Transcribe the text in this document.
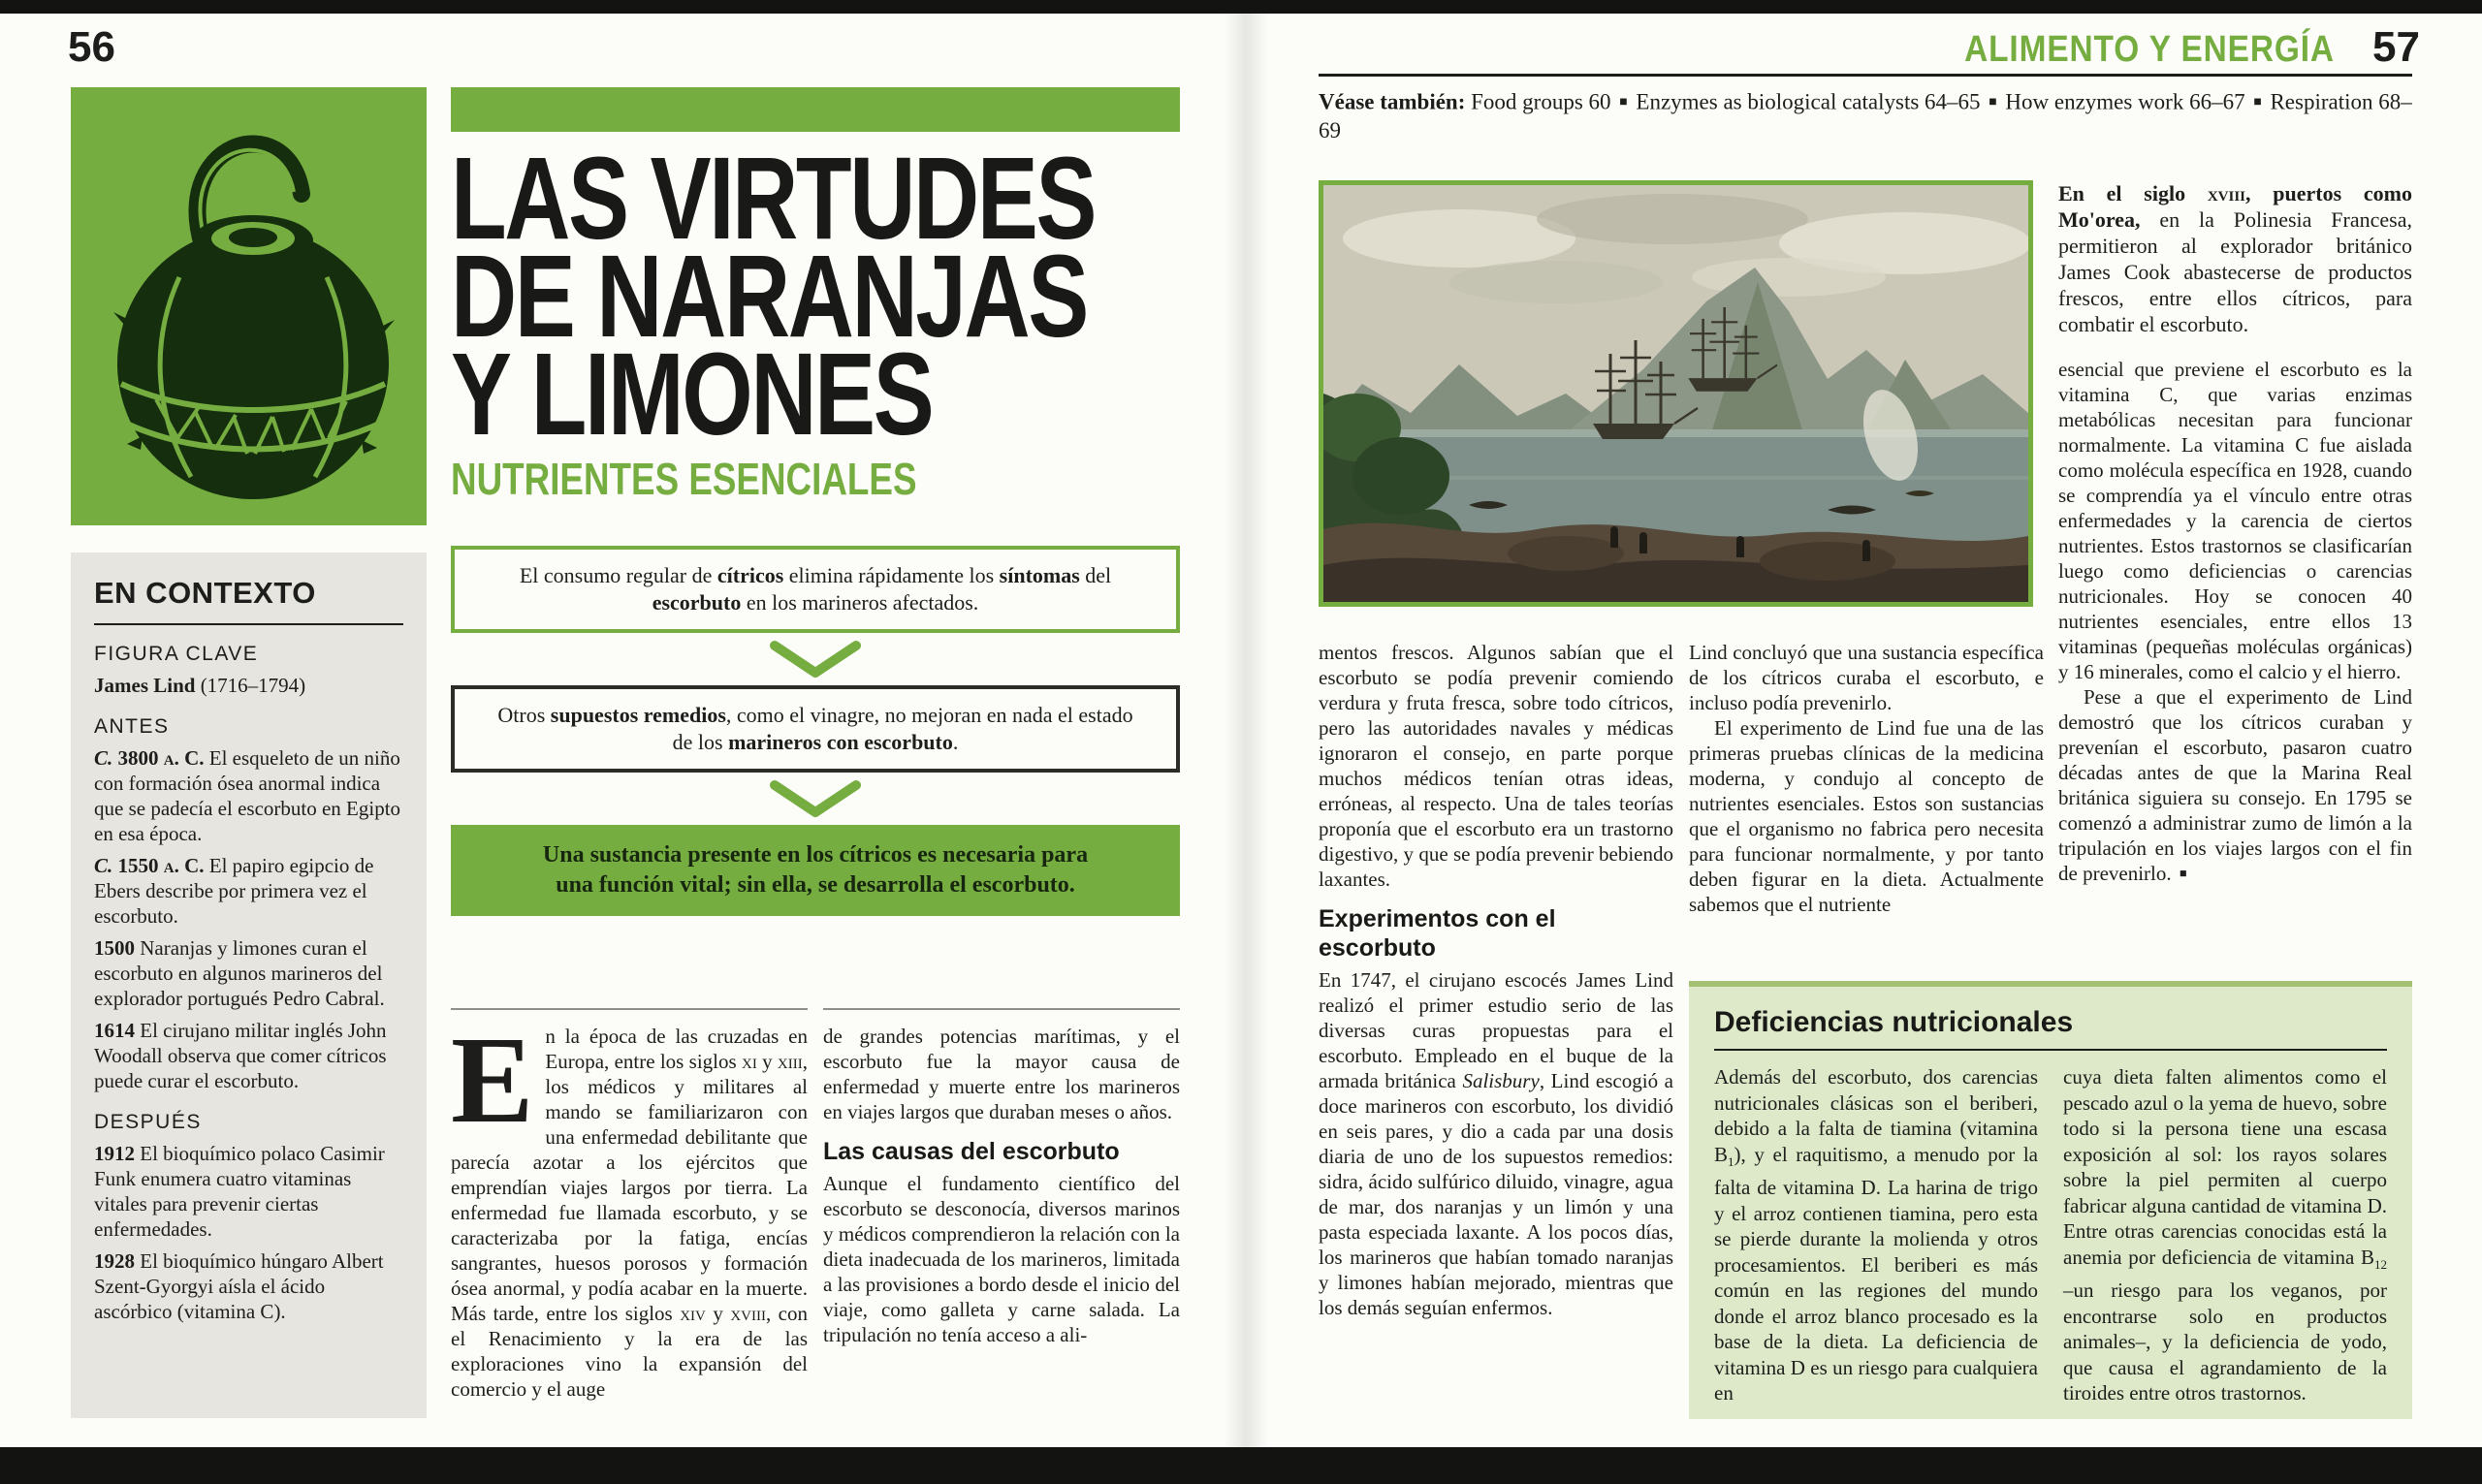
56
LAS VIRTUDES
DE NARANJAS
Y LIMONES
NUTRIENTES ESENCIALES
EN CONTEXTO
FIGURA CLAVE

James Lind (1716–1794)

ANTES

C. 3800 a. C. El esqueleto de un niño con formación ósea anormal indica que se padecía el escorbuto en Egipto en esa época.

C. 1550 a. C. El papiro egipcio de Ebers describe por primera vez el escorbuto.

1500 Naranjas y limones curan el escorbuto en algunos marineros del explorador portugués Pedro Cabral.

1614 El cirujano militar inglés John Woodall observa que comer cítricos puede curar el escorbuto.

DESPUÉS

1912 El bioquímico polaco Casimir Funk enumera cuatro vitaminas vitales para prevenir ciertas enfermedades.

1928 El bioquímico húngaro Albert Szent-Gyorgyi aísla el ácido ascórbico (vitamina C).

El consumo regular de cítricos elimina rápidamente los síntomas del escorbuto en los marineros afectados.
Otros supuestos remedios, como el vinagre, no mejoran en nada el estado de los marineros con escorbuto.
Una sustancia presente en los cítricos es necesaria para una función vital; sin ella, se desarrolla el escorbuto.

En la época de las cruzadas en Europa, entre los siglos xi y xiii, los médicos y militares al mando se familiarizaron con una enfermedad debilitante que parecía azotar a los ejércitos que emprendían viajes largos por tierra. La enfermedad fue llamada escorbuto, y se caracterizaba por la fatiga, encías sangrantes, huesos porosos y formación ósea anormal, y podía acabar en la muerte. Más tarde, entre los siglos xiv y xviii, con el Renacimiento y la era de las exploraciones vino la expansión del comercio y el auge

de grandes potencias marítimas, y el escorbuto fue la mayor causa de enfermedad y muerte entre los marineros en viajes largos que duraban meses o años.

Las causas del escorbuto

Aunque el fundamento científico del escorbuto se desconocía, diversos marinos y médicos comprendieron la relación con la dieta inadecuada de los marineros, limitada a las provisiones a bordo desde el inicio del viaje, como galleta y carne salada. La tripulación no tenía acceso a ali-

ALIMENTO Y ENERGÍA 57
Véase también: Food groups 60 ■ Enzymes as biological catalysts 64–65 ■ How enzymes work 66–67 ■ Respiration 68–69

mentos frescos. Algunos sabían que el escorbuto se podía prevenir comiendo verdura y fruta fresca, sobre todo cítricos, pero las autoridades navales y médicas ignoraron el consejo, en parte porque muchos médicos tenían otras ideas, erróneas, al respecto. Una de tales teorías proponía que el escorbuto era un trastorno digestivo, y que se podía prevenir bebiendo laxantes.

Experimentos con el escorbuto

En 1747, el cirujano escocés James Lind realizó el primer estudio serio de las diversas curas propuestas para el escorbuto. Empleado en el buque de la armada británica Salisbury, Lind escogió a doce marineros con escorbuto, los dividió en seis pares, y dio a cada par una dosis diaria de uno de los supuestos remedios: sidra, ácido sulfúrico diluido, vinagre, agua de mar, dos naranjas y un limón y una pasta especiada laxante. A los pocos días, los marineros que habían tomado naranjas y limones habían mejorado, mientras que los demás seguían enfermos.

Lind concluyó que una sustancia específica de los cítricos curaba el escorbuto, e incluso podía prevenirlo.

El experimento de Lind fue una de las primeras pruebas clínicas de la medicina moderna, y condujo al concepto de nutrientes esenciales. Estos son sustancias que el organismo no fabrica pero necesita para funcionar normalmente, y por tanto deben figurar en la dieta. Actualmente sabemos que el nutriente

En el siglo xviii, puertos como Mo'orea, en la Polinesia Francesa, permitieron al explorador británico James Cook abastecerse de productos frescos, entre ellos cítricos, para combatir el escorbuto.

esencial que previene el escorbuto es la vitamina C, que varias enzimas metabólicas necesitan para funcionar normalmente. La vitamina C fue aislada como molécula específica en 1928, cuando se comprendía ya el vínculo entre otras enfermedades y la carencia de ciertos nutrientes. Estos trastornos se clasificarían luego como deficiencias o carencias nutricionales. Hoy se conocen 40 nutrientes esenciales, entre ellos 13 vitaminas (pequeñas moléculas orgánicas) y 16 minerales, como el calcio y el hierro.

Pese a que el experimento de Lind demostró que los cítricos curaban y prevenían el escorbuto, pasaron cuatro décadas antes de que la Marina Real británica siguiera su consejo. En 1795 se comenzó a administrar zumo de limón a la tripulación en los viajes largos con el fin de prevenirlo. ■

Deficiencias nutricionales
Además del escorbuto, dos carencias nutricionales clásicas son el beriberi, debido a la falta de tiamina (vitamina $B_1$), y el raquitismo, a menudo por la falta de vitamina D. La harina de trigo y el arroz contienen tiamina, pero esta se pierde durante la molienda y otros procesamientos. El beriberi es más común en las regiones del mundo donde el arroz blanco procesado es la base de la dieta. La deficiencia de vitamina D es un riesgo para cualquiera en
cuya dieta falten alimentos como el pescado azul o la yema de huevo, sobre todo si la persona tiene una escasa exposición al sol: los rayos solares sobre la piel permiten al cuerpo fabricar alguna cantidad de vitamina D. Entre otras carencias conocidas está la anemia por deficiencia de vitamina $B_{12}$ –un riesgo para los veganos, por encontrarse solo en productos animales–, y la deficiencia de yodo, que causa el agrandamiento de la tiroides entre otros trastornos.
